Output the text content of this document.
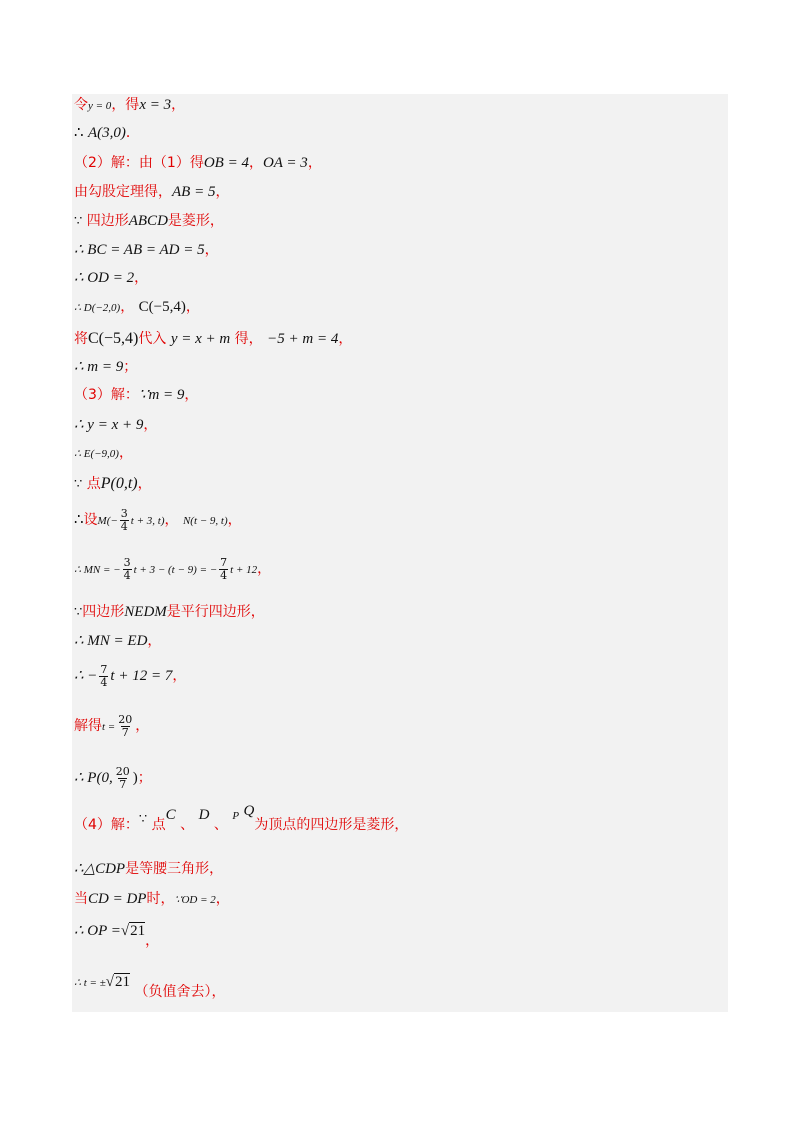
令y = 0，得x = 3，
∴ A(3,0)．
（2）解：由（1）得OB = 4，OA = 3，
由勾股定理得，AB = 5，
∵ 四边形ABCD是菱形，
∴ BC = AB = AD = 5，
∴ OD = 2，
∴ D(−2,0)， C(−5,4)，
将C(−5,4)代入 y = x + m 得， −5 + m = 4，
∴ m = 9；
（3）解：∵m = 9，
∴ y = x + 9，
∴ E(−9,0)，
∵ 点P(0,t)，
∴设$M(- \frac{3}{4}$ t + 3, t)， N(t − 9, t)，
∴ MN = − $\frac{3}{4}$ t + 3 − (t − 9) = − $\frac{7}{4}$ t + 12，
∵四边形NEDM是平行四边形，
∴ MN = ED，
∴ − $\frac{7}{4}$ t + 12 = 7，
解得$t = \frac{20}{7}$ ，
∴ P(0, $\frac{20}{7}$ )；
（4）解：∵ 点C 、 D 、 $^P$ Q为顶点的四边形是菱形，
∴△CDP是等腰三角形，
当CD = DP时，∵OD = 2，
∴ OP =√21，
∴ t = ±√21 （负值舍去），
